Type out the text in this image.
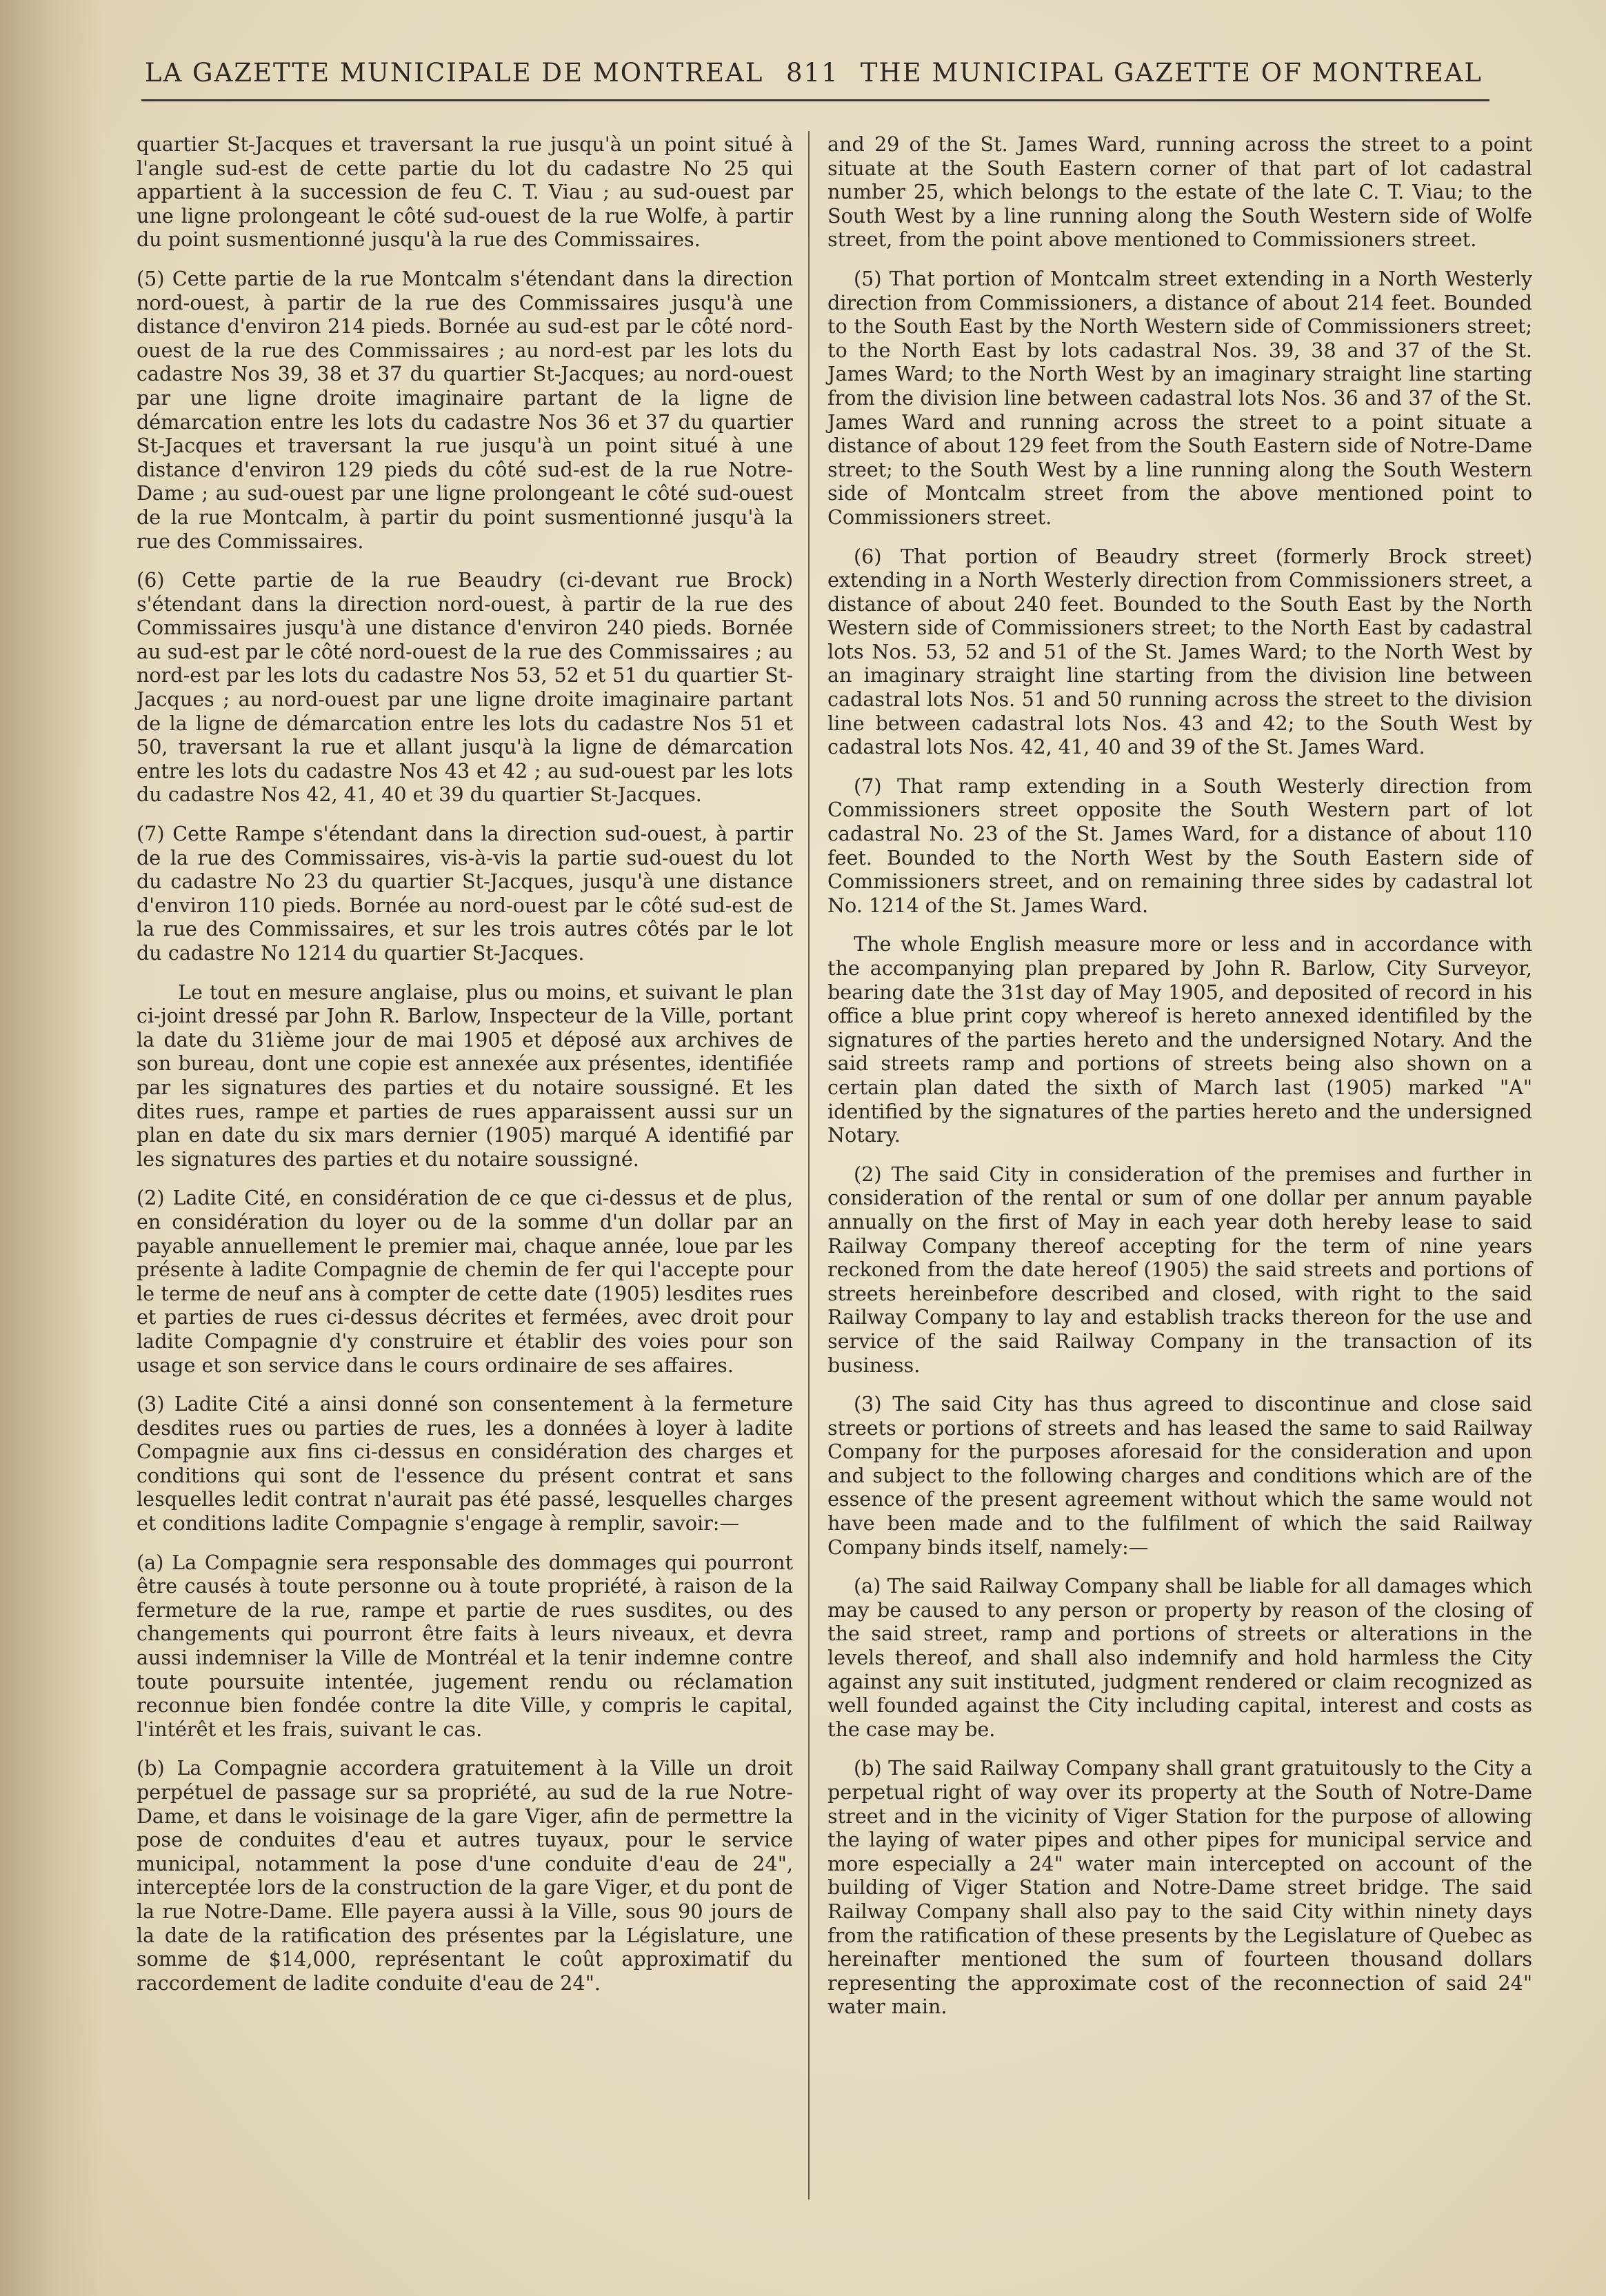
LA GAZETTE MUNICIPALE DE MONTREAL 811 THE MUNICIPAL GAZETTE OF MONTREAL

quartier St-Jacques et traversant la rue jusqu'à un point situé à l'angle sud-est de cette partie du lot du cadastre No 25 qui appartient à la succession de feu C. T. Viau ; au sud-ouest par une ligne prolongeant le côté sud-ouest de la rue Wolfe, à partir du point susmentionné jusqu'à la rue des Commissaires.

(5) Cette partie de la rue Montcalm s'étendant dans la direction nord-ouest, à partir de la rue des Commissaires jusqu'à une distance d'environ 214 pieds. Bornée au sud-est par le côté nord-ouest de la rue des Commissaires ; au nord-est par les lots du cadastre Nos 39, 38 et 37 du quartier St-Jacques; au nord-ouest par une ligne droite imaginaire partant de la ligne de démarcation entre les lots du cadastre Nos 36 et 37 du quartier St-Jacques et traversant la rue jusqu'à un point situé à une distance d'environ 129 pieds du côté sud-est de la rue Notre-Dame ; au sud-ouest par une ligne prolongeant le côté sud-ouest de la rue Montcalm, à partir du point susmentionné jusqu'à la rue des Commissaires.

(6) Cette partie de la rue Beaudry (ci-devant rue Brock) s'étendant dans la direction nord-ouest, à partir de la rue des Commissaires jusqu'à une distance d'environ 240 pieds. Bornée au sud-est par le côté nord-ouest de la rue des Commissaires ; au nord-est par les lots du cadastre Nos 53, 52 et 51 du quartier St-Jacques ; au nord-ouest par une ligne droite imaginaire partant de la ligne de démarcation entre les lots du cadastre Nos 51 et 50, traversant la rue et allant jusqu'à la ligne de démarcation entre les lots du cadastre Nos 43 et 42 ; au sud-ouest par les lots du cadastre Nos 42, 41, 40 et 39 du quartier St-Jacques.

(7) Cette Rampe s'étendant dans la direction sud-ouest, à partir de la rue des Commissaires, vis-à-vis la partie sud-ouest du lot du cadastre No 23 du quartier St-Jacques, jusqu'à une distance d'environ 110 pieds. Bornée au nord-ouest par le côté sud-est de la rue des Commissaires, et sur les trois autres côtés par le lot du cadastre No 1214 du quartier St-Jacques.

Le tout en mesure anglaise, plus ou moins, et suivant le plan ci-joint dressé par John R. Barlow, Inspecteur de la Ville, portant la date du 31ième jour de mai 1905 et déposé aux archives de son bureau, dont une copie est annexée aux présentes, identifiée par les signatures des parties et du notaire soussigné. Et les dites rues, rampe et parties de rues apparaissent aussi sur un plan en date du six mars dernier (1905) marqué A identifié par les signatures des parties et du notaire soussigné.

(2) Ladite Cité, en considération de ce que ci-dessus et de plus, en considération du loyer ou de la somme d'un dollar par an payable annuellement le premier mai, chaque année, loue par les présente à ladite Compagnie de chemin de fer qui l'accepte pour le terme de neuf ans à compter de cette date (1905) lesdites rues et parties de rues ci-dessus décrites et fermées, avec droit pour ladite Compagnie d'y construire et établir des voies pour son usage et son service dans le cours ordinaire de ses affaires.

(3) Ladite Cité a ainsi donné son consentement à la fermeture desdites rues ou parties de rues, les a données à loyer à ladite Compagnie aux fins ci-dessus en considération des charges et conditions qui sont de l'essence du présent contrat et sans lesquelles ledit contrat n'aurait pas été passé, lesquelles charges et conditions ladite Compagnie s'engage à remplir, savoir:—

(a) La Compagnie sera responsable des dommages qui pourront être causés à toute personne ou à toute propriété, à raison de la fermeture de la rue, rampe et partie de rues susdites, ou des changements qui pourront être faits à leurs niveaux, et devra aussi indemniser la Ville de Montréal et la tenir indemne contre toute poursuite intentée, jugement rendu ou réclamation reconnue bien fondée contre la dite Ville, y compris le capital, l'intérêt et les frais, suivant le cas.

(b) La Compagnie accordera gratuitement à la Ville un droit perpétuel de passage sur sa propriété, au sud de la rue Notre-Dame, et dans le voisinage de la gare Viger, afin de permettre la pose de conduites d'eau et autres tuyaux, pour le service municipal, notamment la pose d'une conduite d'eau de 24", interceptée lors de la construction de la gare Viger, et du pont de la rue Notre-Dame. Elle payera aussi à la Ville, sous 90 jours de la date de la ratification des présentes par la Législature, une somme de $14,000, représentant le coût approximatif du raccordement de ladite conduite d'eau de 24".

and 29 of the St. James Ward, running across the street to a point situate at the South Eastern corner of that part of lot cadastral number 25, which belongs to the estate of the late C. T. Viau; to the South West by a line running along the South Western side of Wolfe street, from the point above mentioned to Commissioners street.

(5) That portion of Montcalm street extending in a North Westerly direction from Commissioners, a distance of about 214 feet. Bounded to the South East by the North Western side of Commissioners street; to the North East by lots cadastral Nos. 39, 38 and 37 of the St. James Ward; to the North West by an imaginary straight line starting from the division line between cadastral lots Nos. 36 and 37 of the St. James Ward and running across the street to a point situate a distance of about 129 feet from the South Eastern side of Notre-Dame street; to the South West by a line running along the South Western side of Montcalm street from the above mentioned point to Commissioners street.

(6) That portion of Beaudry street (formerly Brock street) extending in a North Westerly direction from Commissioners street, a distance of about 240 feet. Bounded to the South East by the North Western side of Commissioners street; to the North East by cadastral lots Nos. 53, 52 and 51 of the St. James Ward; to the North West by an imaginary straight line starting from the division line between cadastral lots Nos. 51 and 50 running across the street to the division line between cadastral lots Nos. 43 and 42; to the South West by cadastral lots Nos. 42, 41, 40 and 39 of the St. James Ward.

(7) That ramp extending in a South Westerly direction from Commissioners street opposite the South Western part of lot cadastral No. 23 of the St. James Ward, for a distance of about 110 feet. Bounded to the North West by the South Eastern side of Commissioners street, and on remaining three sides by cadastral lot No. 1214 of the St. James Ward.

The whole English measure more or less and in accordance with the accompanying plan prepared by John R. Barlow, City Surveyor, bearing date the 31st day of May 1905, and deposited of record in his office a blue print copy whereof is hereto annexed identifiled by the signatures of the parties hereto and the undersigned Notary. And the said streets ramp and portions of streets being also shown on a certain plan dated the sixth of March last (1905) marked "A" identified by the signatures of the parties hereto and the undersigned Notary.

(2) The said City in consideration of the premises and further in consideration of the rental or sum of one dollar per annum payable annually on the first of May in each year doth hereby lease to said Railway Company thereof accepting for the term of nine years reckoned from the date hereof (1905) the said streets and portions of streets hereinbefore described and closed, with right to the said Railway Company to lay and establish tracks thereon for the use and service of the said Railway Company in the transaction of its business.

(3) The said City has thus agreed to discontinue and close said streets or portions of streets and has leased the same to said Railway Company for the purposes aforesaid for the consideration and upon and subject to the following charges and conditions which are of the essence of the present agreement without which the same would not have been made and to the fulfilment of which the said Railway Company binds itself, namely:—

(a) The said Railway Company shall be liable for all damages which may be caused to any person or property by reason of the closing of the said street, ramp and portions of streets or alterations in the levels thereof, and shall also indemnify and hold harmless the City against any suit instituted, judgment rendered or claim recognized as well founded against the City including capital, interest and costs as the case may be.

(b) The said Railway Company shall grant gratuitously to the City a perpetual right of way over its property at the South of Notre-Dame street and in the vicinity of Viger Station for the purpose of allowing the laying of water pipes and other pipes for municipal service and more especially a 24" water main intercepted on account of the building of Viger Station and Notre-Dame street bridge. The said Railway Company shall also pay to the said City within ninety days from the ratification of these presents by the Legislature of Quebec as hereinafter mentioned the sum of fourteen thousand dollars representing the approximate cost of the reconnection of said 24" water main.
